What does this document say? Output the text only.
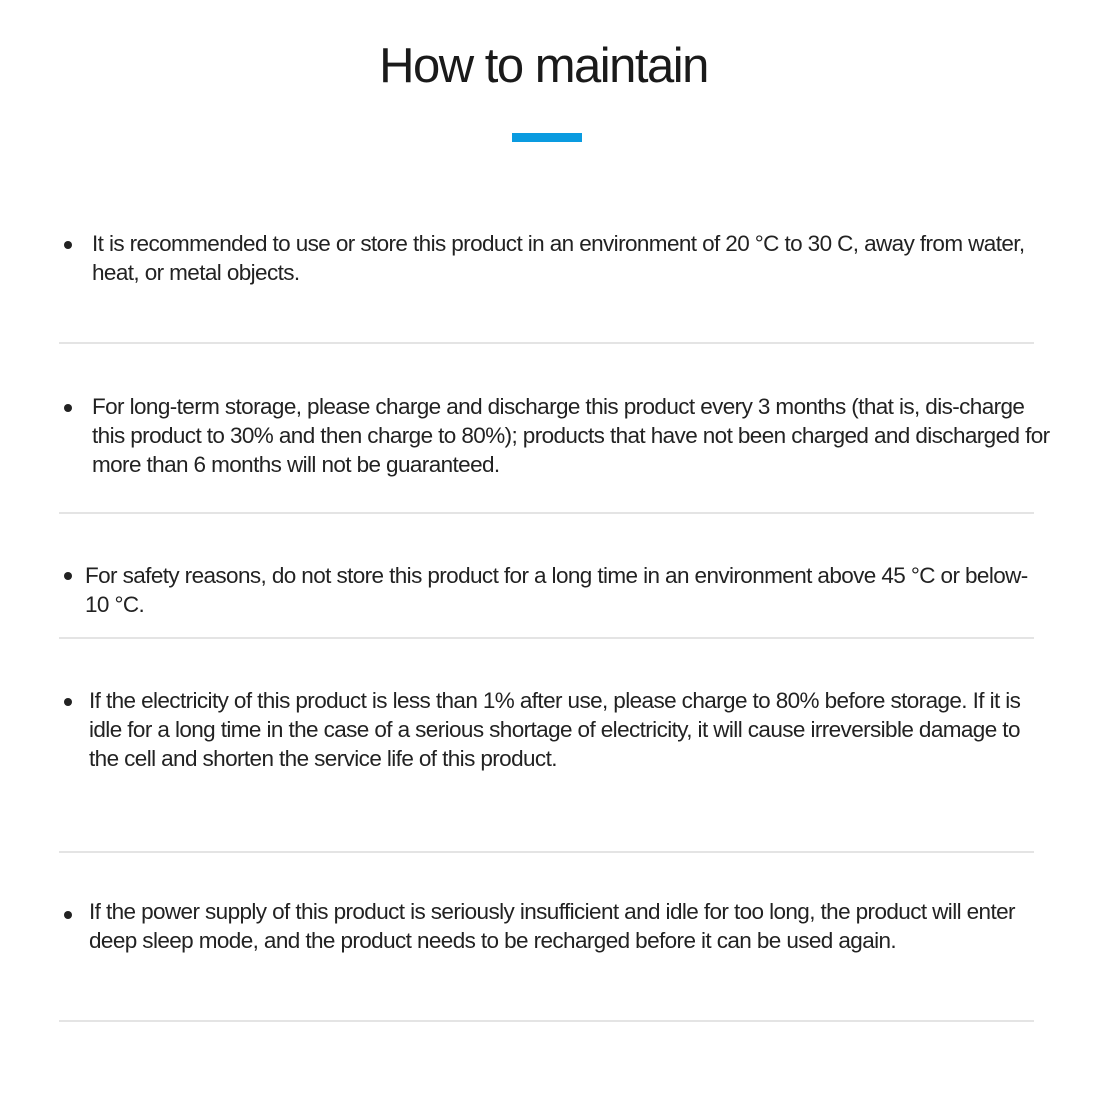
How to maintain
It is recommended to use or store this product in an environment of 20 °C to 30 C, away from water, heat, or metal objects.
For long-term storage, please charge and discharge this product every 3 months (that is, dis-charge this product to 30% and then charge to 80%); products that have not been charged and discharged for more than 6 months will not be guaranteed.
For safety reasons, do not store this product for a long time in an environment above 45 °C or below-10 °C.
If the electricity of this product is less than 1% after use, please charge to 80% before storage. If it is idle for a long time in the case of a serious shortage of electricity, it will cause irreversible damage to the cell and shorten the service life of this product.
If the power supply of this product is seriously insufficient and idle for too long, the product will enter deep sleep mode, and the product needs to be recharged before it can be used again.
